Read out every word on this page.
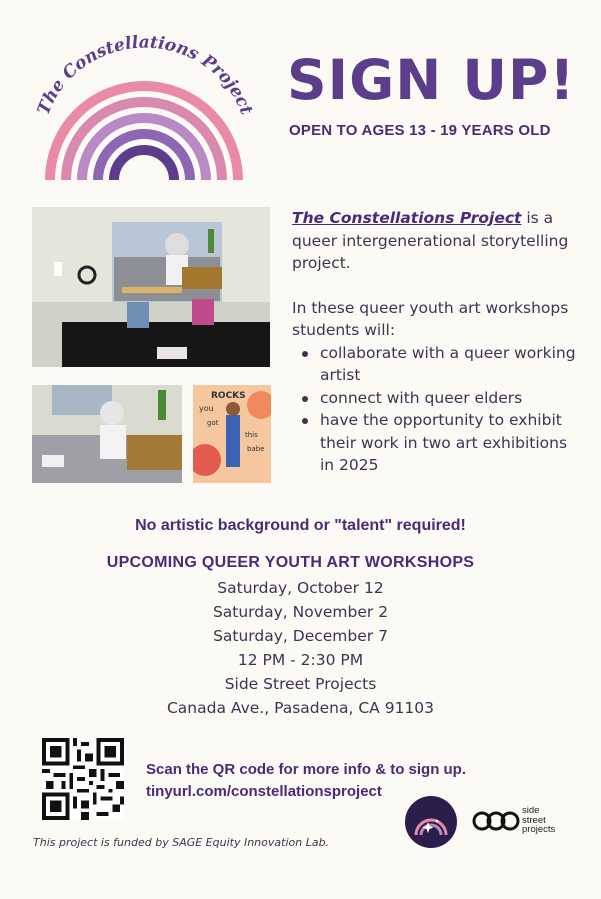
The Constellations Project SIGN UP!
OPEN TO AGES 13 - 19 YEARS OLD
ROCKS
you
got
this
babe

The Constellations Project is a queer intergenerational storytelling project.

In these queer youth art workshops students will:

collaborate with a queer working artist
connect with queer elders
have the opportunity to exhibit their work in two art exhibitions in 2025
No artistic background or "talent" required!
UPCOMING QUEER YOUTH ART WORKSHOPS
Saturday, October 12
Saturday, November 2
Saturday, December 7
12 PM - 2:30 PM
Side Street Projects
Canada Ave., Pasadena, CA 91103
Scan the QR code for more info & to sign up.
tinyurl.com/constellationsproject
side
street
projects
This project is funded by SAGE Equity Innovation Lab.
